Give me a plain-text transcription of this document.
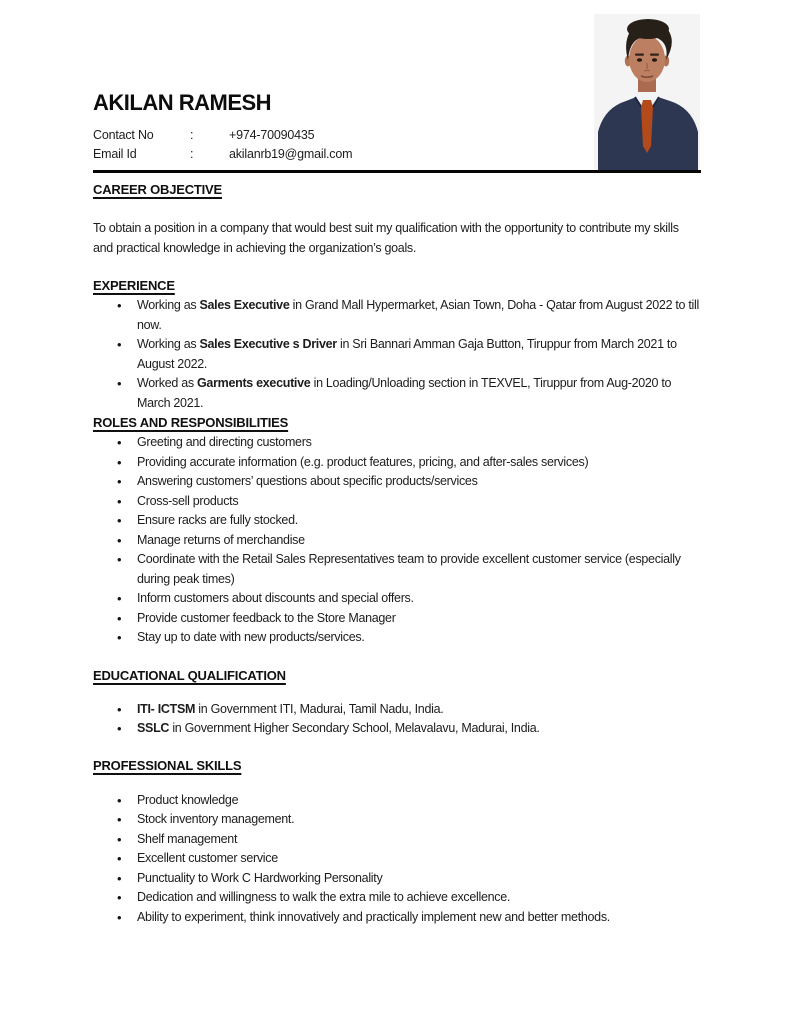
AKILAN RAMESH
Contact No	:	+974-70090435
Email Id	:	akilanrb19@gmail.com
CAREER OBJECTIVE

To obtain a position in a company that would best suit my qualification with the opportunity to contribute my skills and practical knowledge in achieving the organization’s goals.

EXPERIENCE
• Working as Sales Executive in Grand Mall Hypermarket, Asian Town, Doha - Qatar from August 2022 to till now.
• Working as Sales Executive s Driver in Sri Bannari Amman Gaja Button, Tiruppur from March 2021 to August 2022.
• Worked as Garments executive in Loading/Unloading section in TEXVEL, Tiruppur from Aug-2020 to March 2021.
ROLES AND RESPONSIBILITIES
• Greeting and directing customers
• Providing accurate information (e.g. product features, pricing, and after-sales services)
• Answering customers’ questions about specific products/services
• Cross-sell products
• Ensure racks are fully stocked.
• Manage returns of merchandise
• Coordinate with the Retail Sales Representatives team to provide excellent customer service (especially during peak times)
• Inform customers about discounts and special offers.
• Provide customer feedback to the Store Manager
• Stay up to date with new products/services.
EDUCATIONAL QUALIFICATION
• ITI- ICTSM in Government ITI, Madurai, Tamil Nadu, India.
• SSLC in Government Higher Secondary School, Melavalavu, Madurai, India.
PROFESSIONAL SKILLS
• Product knowledge
• Stock inventory management.
• Shelf management
• Excellent customer service
• Punctuality to Work C Hardworking Personality
• Dedication and willingness to walk the extra mile to achieve excellence.
• Ability to experiment, think innovatively and practically implement new and better methods.
